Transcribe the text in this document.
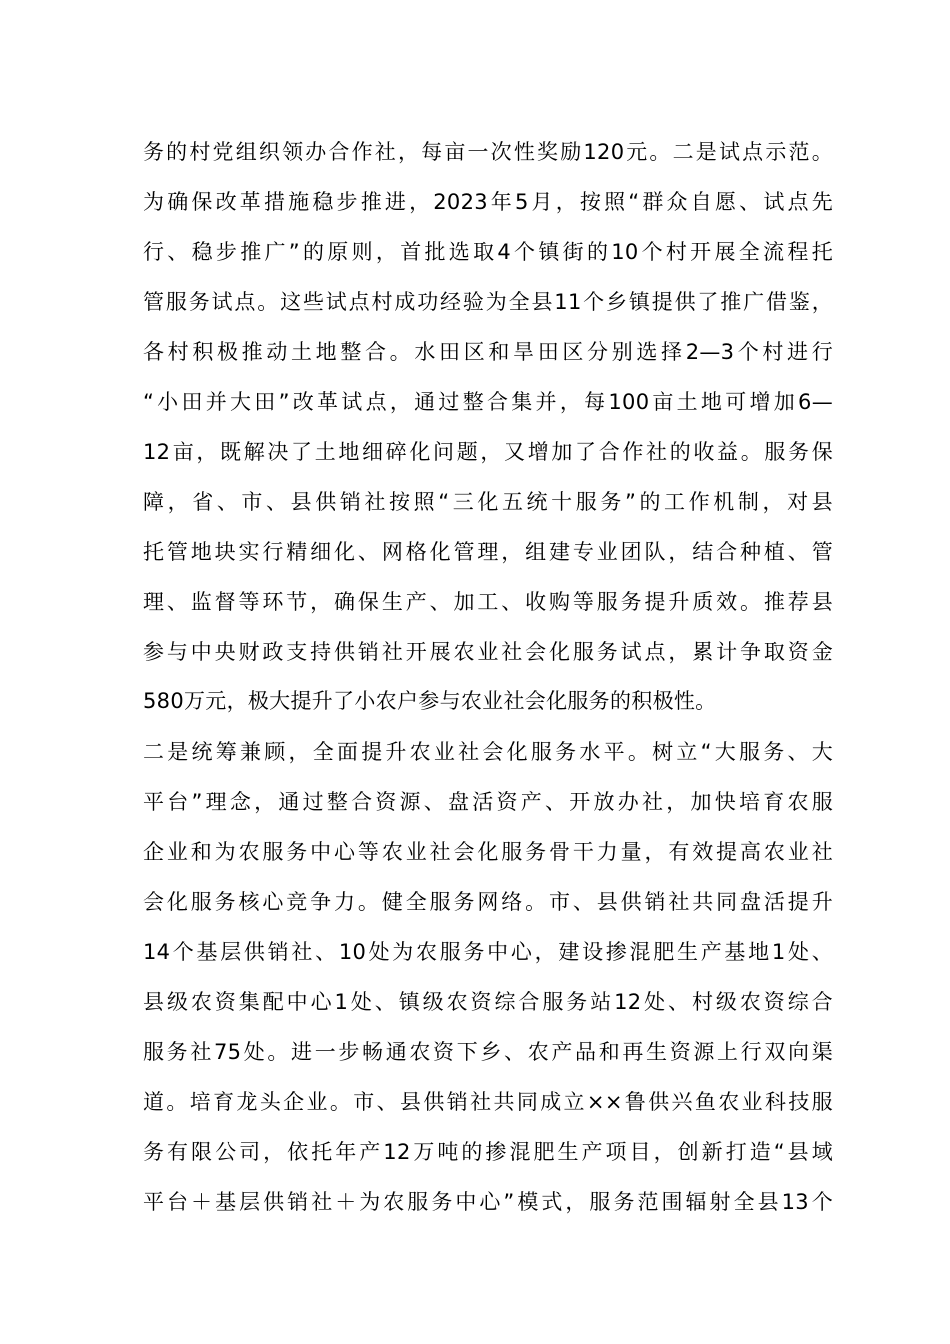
务的村党组织领办合作社，每亩一次性奖励120元。二是试点示范。
为确保改革措施稳步推进，2023年5月，按照“群众自愿、试点先
行、稳步推广”的原则，首批选取4个镇街的10个村开展全流程托
管服务试点。这些试点村成功经验为全县11个乡镇提供了推广借鉴，
各村积极推动土地整合。水田区和旱田区分别选择2—3个村进行
“小田并大田”改革试点，通过整合集并，每100亩土地可增加6—
12亩，既解决了土地细碎化问题，又增加了合作社的收益。服务保
障，省、市、县供销社按照“三化五统十服务”的工作机制，对县
托管地块实行精细化、网格化管理，组建专业团队，结合种植、管
理、监督等环节，确保生产、加工、收购等服务提升质效。推荐县
参与中央财政支持供销社开展农业社会化服务试点，累计争取资金
580万元，极大提升了小农户参与农业社会化服务的积极性。
二是统筹兼顾，全面提升农业社会化服务水平。树立“大服务、大
平台”理念，通过整合资源、盘活资产、开放办社，加快培育农服
企业和为农服务中心等农业社会化服务骨干力量，有效提高农业社
会化服务核心竞争力。健全服务网络。市、县供销社共同盘活提升
14个基层供销社、10处为农服务中心，建设掺混肥生产基地1处、
县级农资集配中心1处、镇级农资综合服务站12处、村级农资综合
服务社75处。进一步畅通农资下乡、农产品和再生资源上行双向渠
道。培育龙头企业。市、县供销社共同成立××鲁供兴鱼农业科技服
务有限公司，依托年产12万吨的掺混肥生产项目，创新打造“县域
平台＋基层供销社＋为农服务中心”模式，服务范围辐射全县13个
